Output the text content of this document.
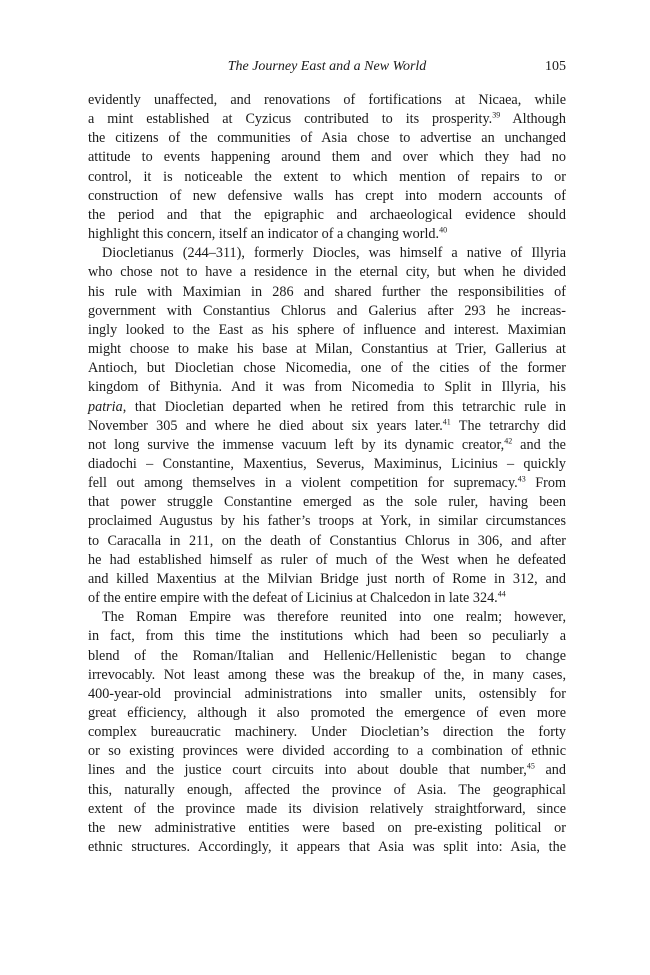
The Journey East and a New World	105

evidently unaffected, and renovations of fortifications at Nicaea, while
a mint established at Cyzicus contributed to its prosperity.$^{39}$ Although
the citizens of the communities of Asia chose to advertise an unchanged
attitude to events happening around them and over which they had no
control, it is noticeable the extent to which mention of repairs to or
construction of new defensive walls has crept into modern accounts of
the period and that the epigraphic and archaeological evidence should
highlight this concern, itself an indicator of a changing world.$^{40}$

Diocletianus (244–311), formerly Diocles, was himself a native of Illyria
who chose not to have a residence in the eternal city, but when he divided
his rule with Maximian in 286 and shared further the responsibilities of
government with Constantius Chlorus and Galerius after 293 he increas-
ingly looked to the East as his sphere of influence and interest. Maximian
might choose to make his base at Milan, Constantius at Trier, Gallerius at
Antioch, but Diocletian chose Nicomedia, one of the cities of the former
kingdom of Bithynia. And it was from Nicomedia to Split in Illyria, his
patria, that Diocletian departed when he retired from this tetrarchic rule in
November 305 and where he died about six years later.$^{41}$ The tetrarchy did
not long survive the immense vacuum left by its dynamic creator,$^{42}$ and the
diadochi – Constantine, Maxentius, Severus, Maximinus, Licinius – quickly
fell out among themselves in a violent competition for supremacy.$^{43}$ From
that power struggle Constantine emerged as the sole ruler, having been
proclaimed Augustus by his father’s troops at York, in similar circumstances
to Caracalla in 211, on the death of Constantius Chlorus in 306, and after
he had established himself as ruler of much of the West when he defeated
and killed Maxentius at the Milvian Bridge just north of Rome in 312, and
of the entire empire with the defeat of Licinius at Chalcedon in late 324.44

The Roman Empire was therefore reunited into one realm; however,
in fact, from this time the institutions which had been so peculiarly a
blend of the Roman/Italian and Hellenic/Hellenistic began to change
irrevocably. Not least among these was the breakup of the, in many cases,
400-year-old provincial administrations into smaller units, ostensibly for
great efficiency, although it also promoted the emergence of even more
complex bureaucratic machinery. Under Diocletian’s direction the forty
or so existing provinces were divided according to a combination of ethnic
lines and the justice court circuits into about double that number,$^{45}$ and
this, naturally enough, affected the province of Asia. The geographical
extent of the province made its division relatively straightforward, since
the new administrative entities were based on pre-existing political or
ethnic structures. Accordingly, it appears that Asia was split into: Asia, the
